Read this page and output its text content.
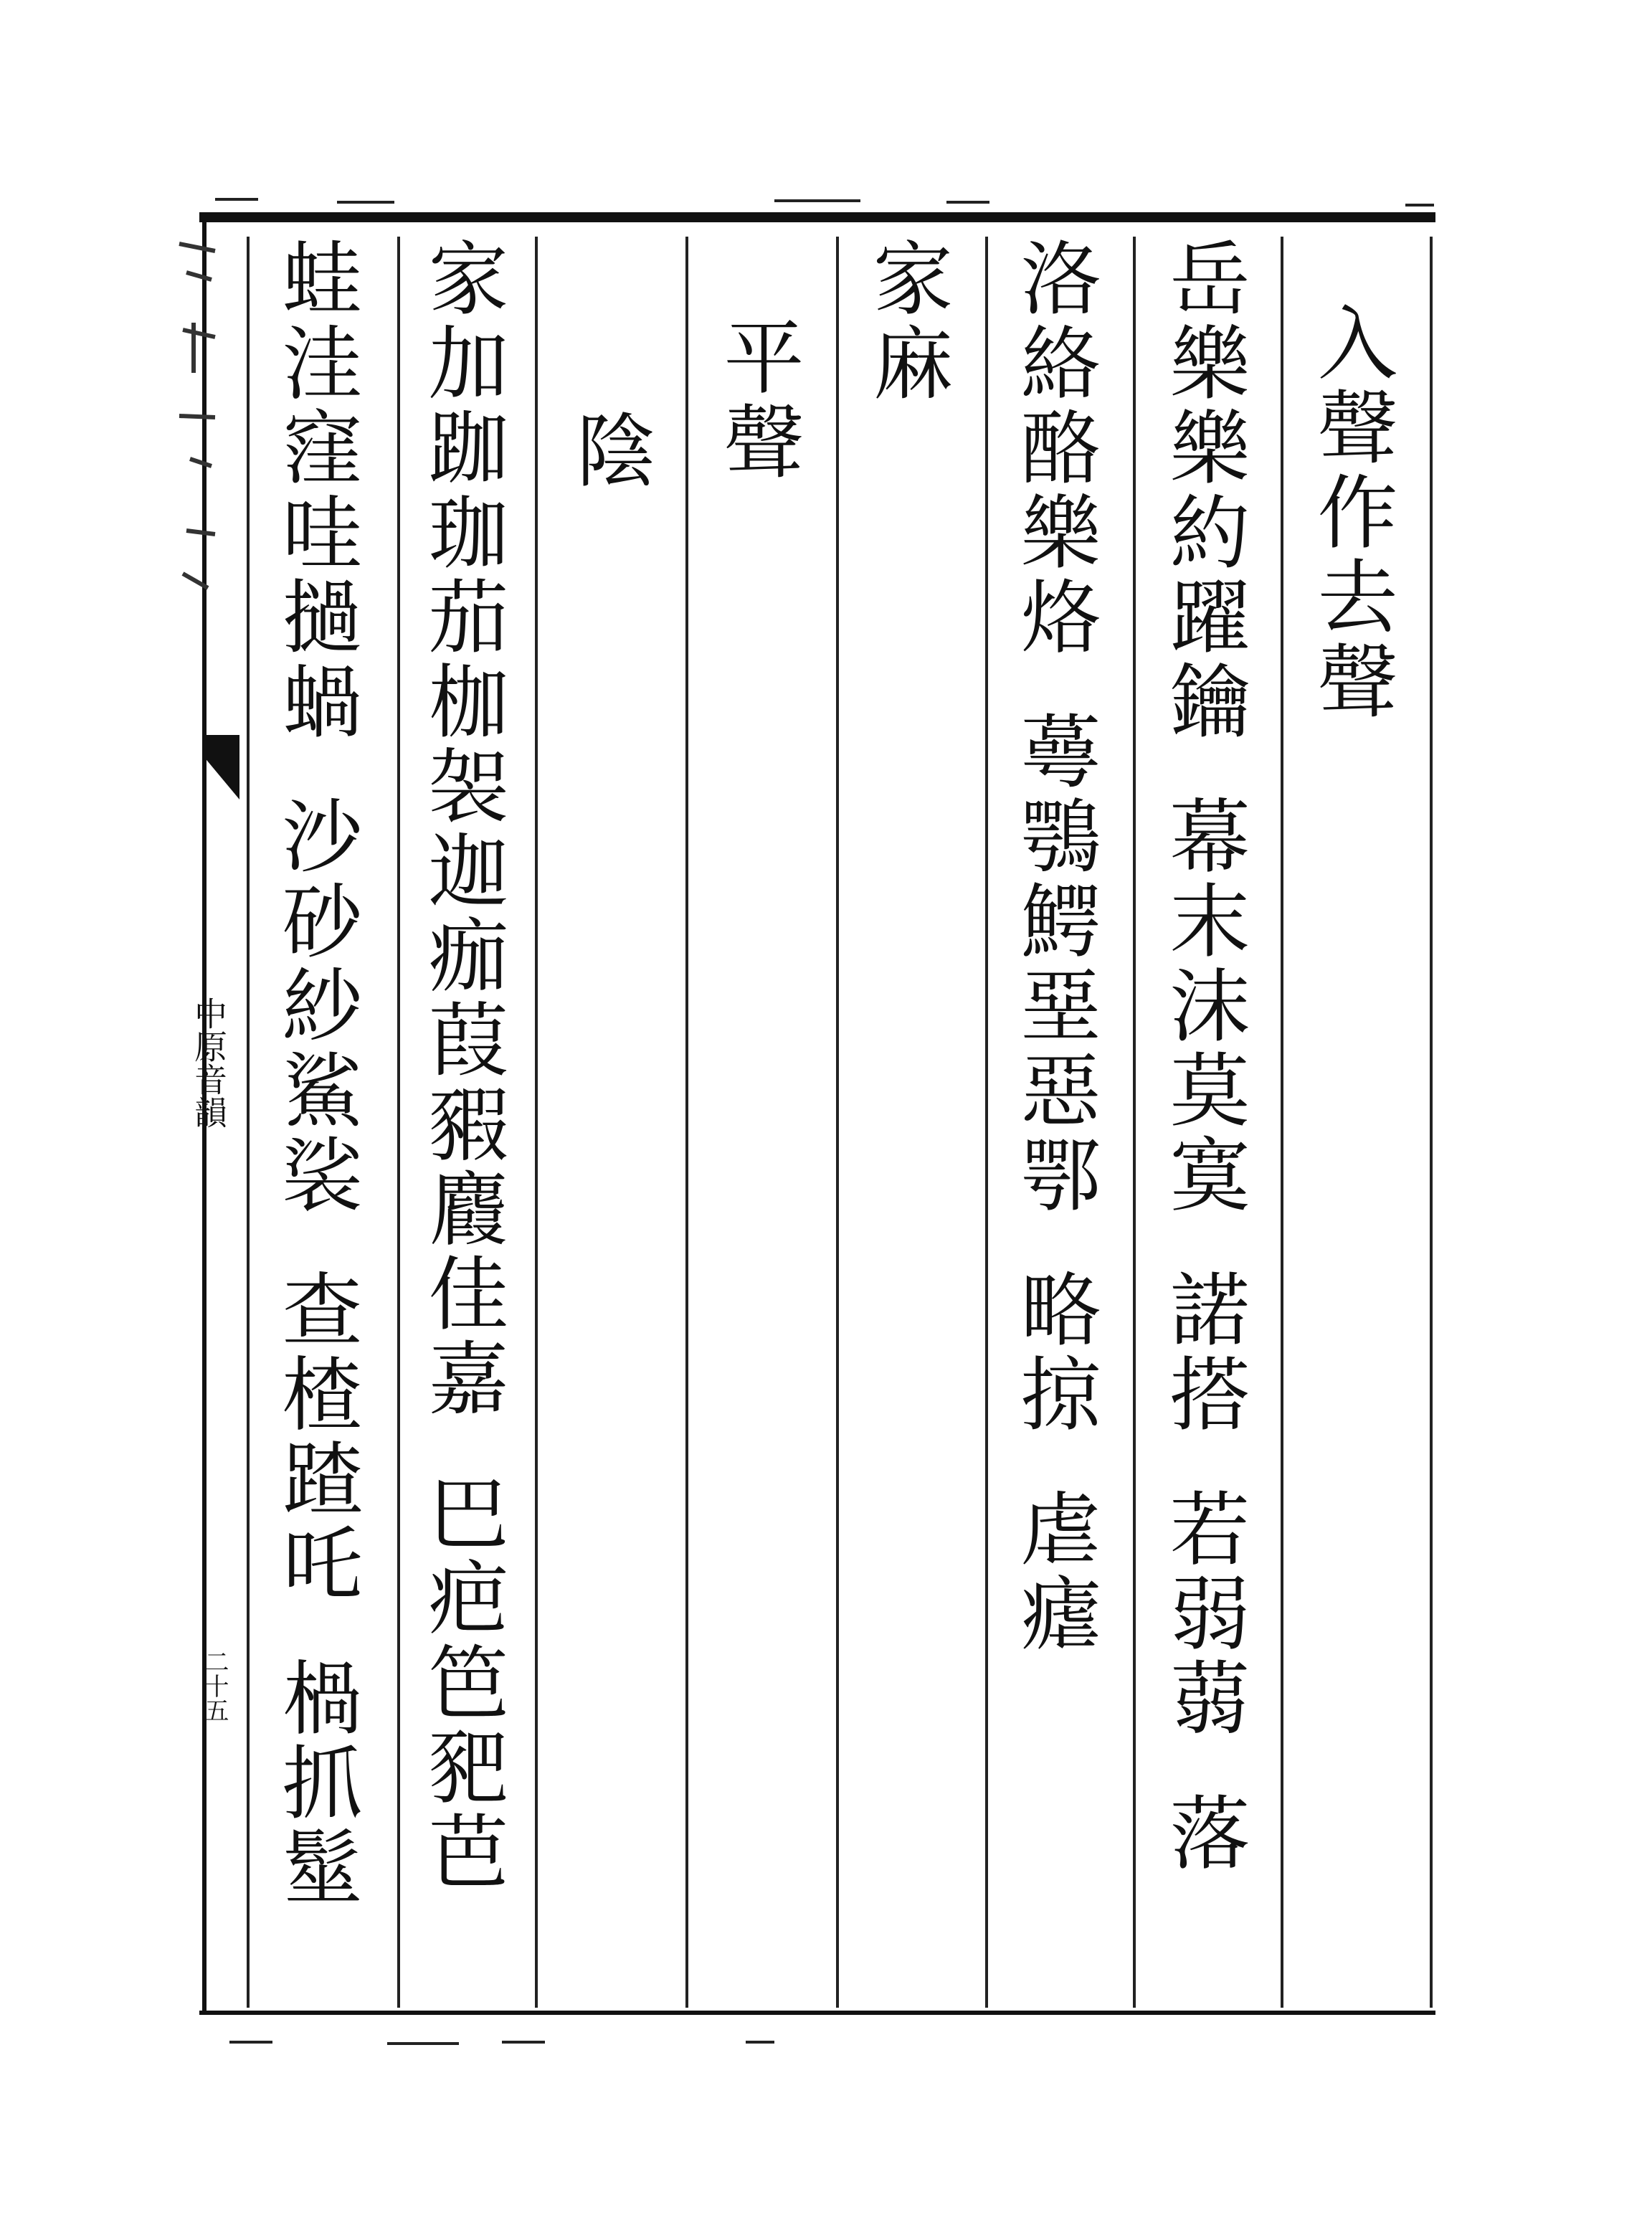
中原音韻
二十五
入聲作去聲
岳樂樂約躍鑰幕末沫莫寞諾搭若弱蒻落
洛絡酪樂烙蕚鶚鰐堊惡鄂略掠虐瘧
家麻
平聲
陰
家加跏珈茄枷袈迦痂葭豭麚佳嘉巴疤笆豝芭
蛙洼窪哇撾蝸沙砂紗鯊裟查楂蹅吒楇抓髽
